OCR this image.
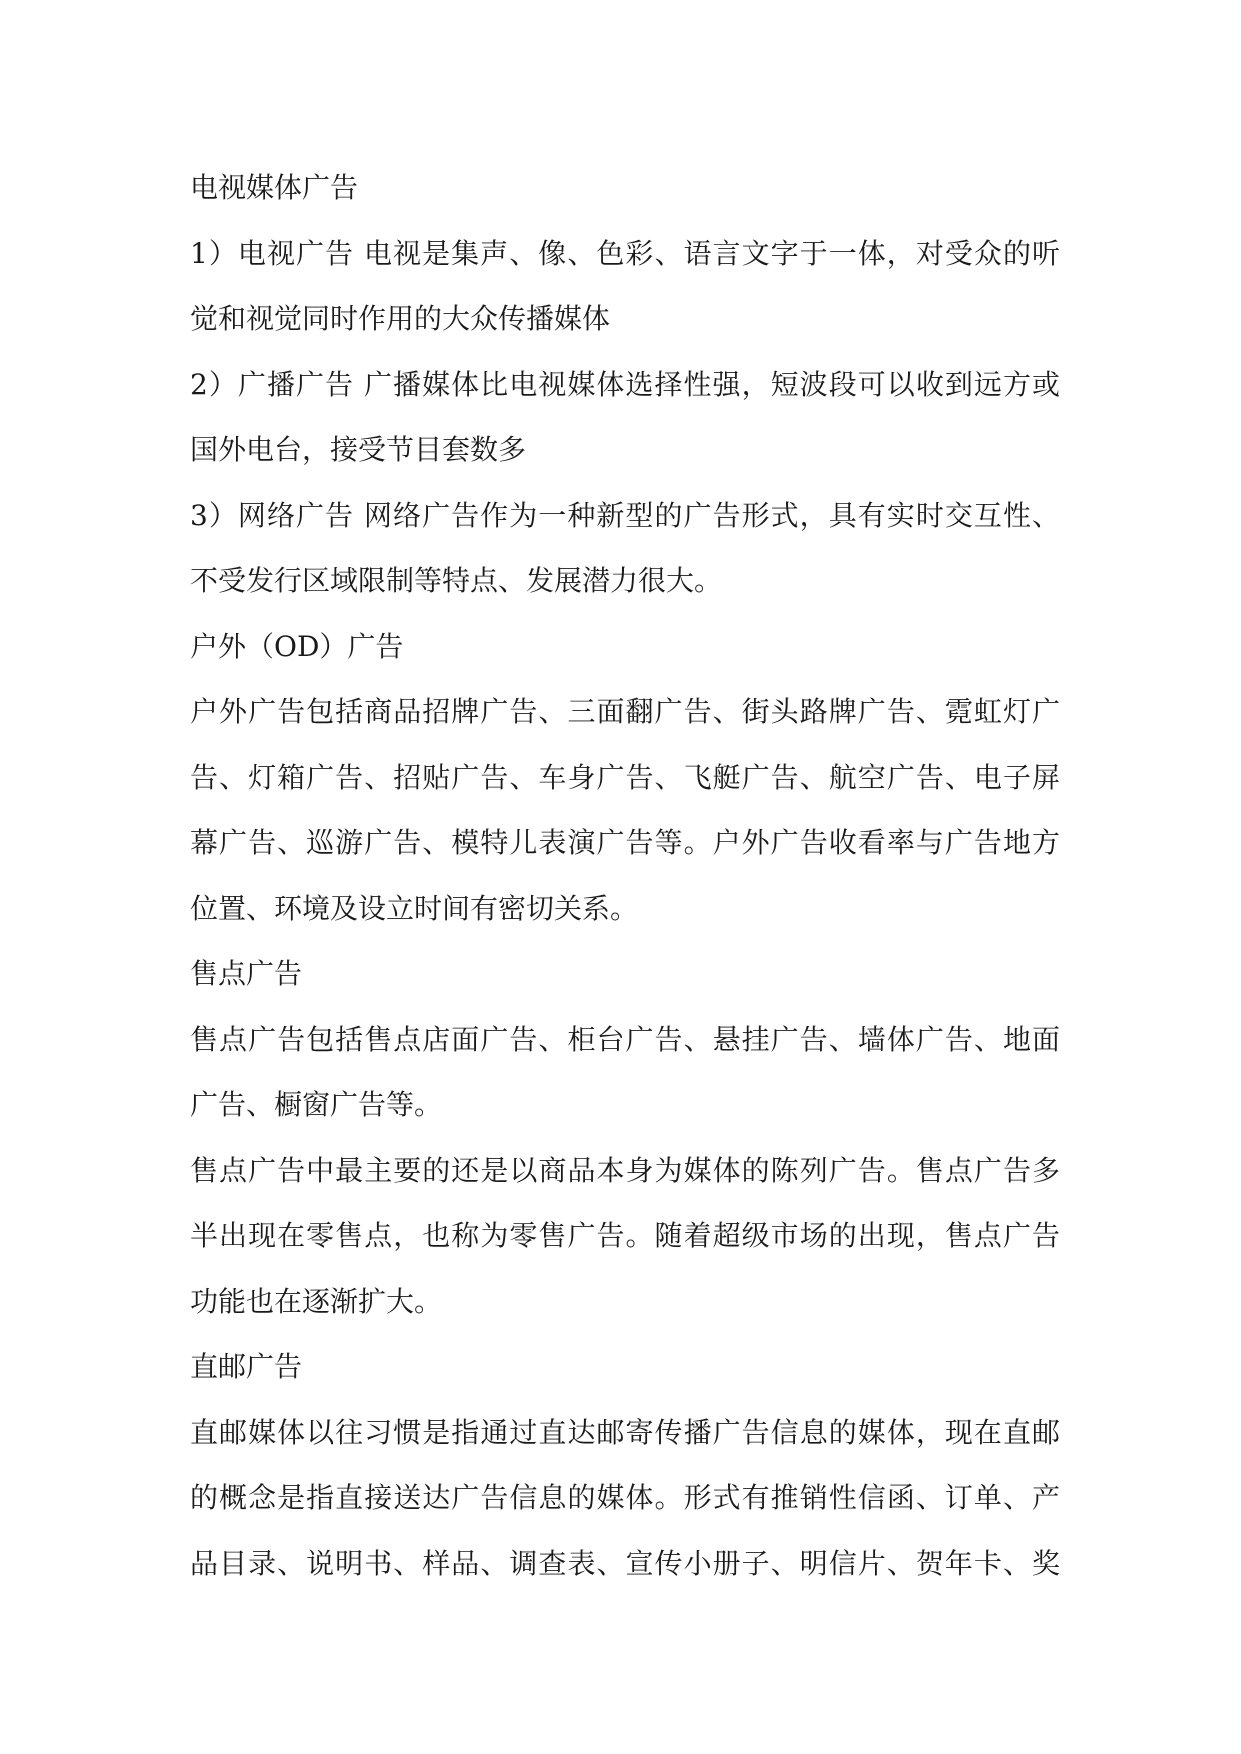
电视媒体广告
1）电视广告 电视是集声、像、色彩、语言文字于一体，对受众的听
觉和视觉同时作用的大众传播媒体
2）广播广告 广播媒体比电视媒体选择性强，短波段可以收到远方或
国外电台，接受节目套数多
3）网络广告 网络广告作为一种新型的广告形式，具有实时交互性、
不受发行区域限制等特点、发展潜力很大。
户外（OD）广告
户外广告包括商品招牌广告、三面翻广告、街头路牌广告、霓虹灯广
告、灯箱广告、招贴广告、车身广告、飞艇广告、航空广告、电子屏
幕广告、巡游广告、模特儿表演广告等。户外广告收看率与广告地方
位置、环境及设立时间有密切关系。
售点广告
售点广告包括售点店面广告、柜台广告、悬挂广告、墙体广告、地面
广告、橱窗广告等。
售点广告中最主要的还是以商品本身为媒体的陈列广告。售点广告多
半出现在零售点，也称为零售广告。随着超级市场的出现，售点广告
功能也在逐渐扩大。
直邮广告
直邮媒体以往习惯是指通过直达邮寄传播广告信息的媒体，现在直邮
的概念是指直接送达广告信息的媒体。形式有推销性信函、订单、产
品目录、说明书、样品、调查表、宣传小册子、明信片、贺年卡、奖
